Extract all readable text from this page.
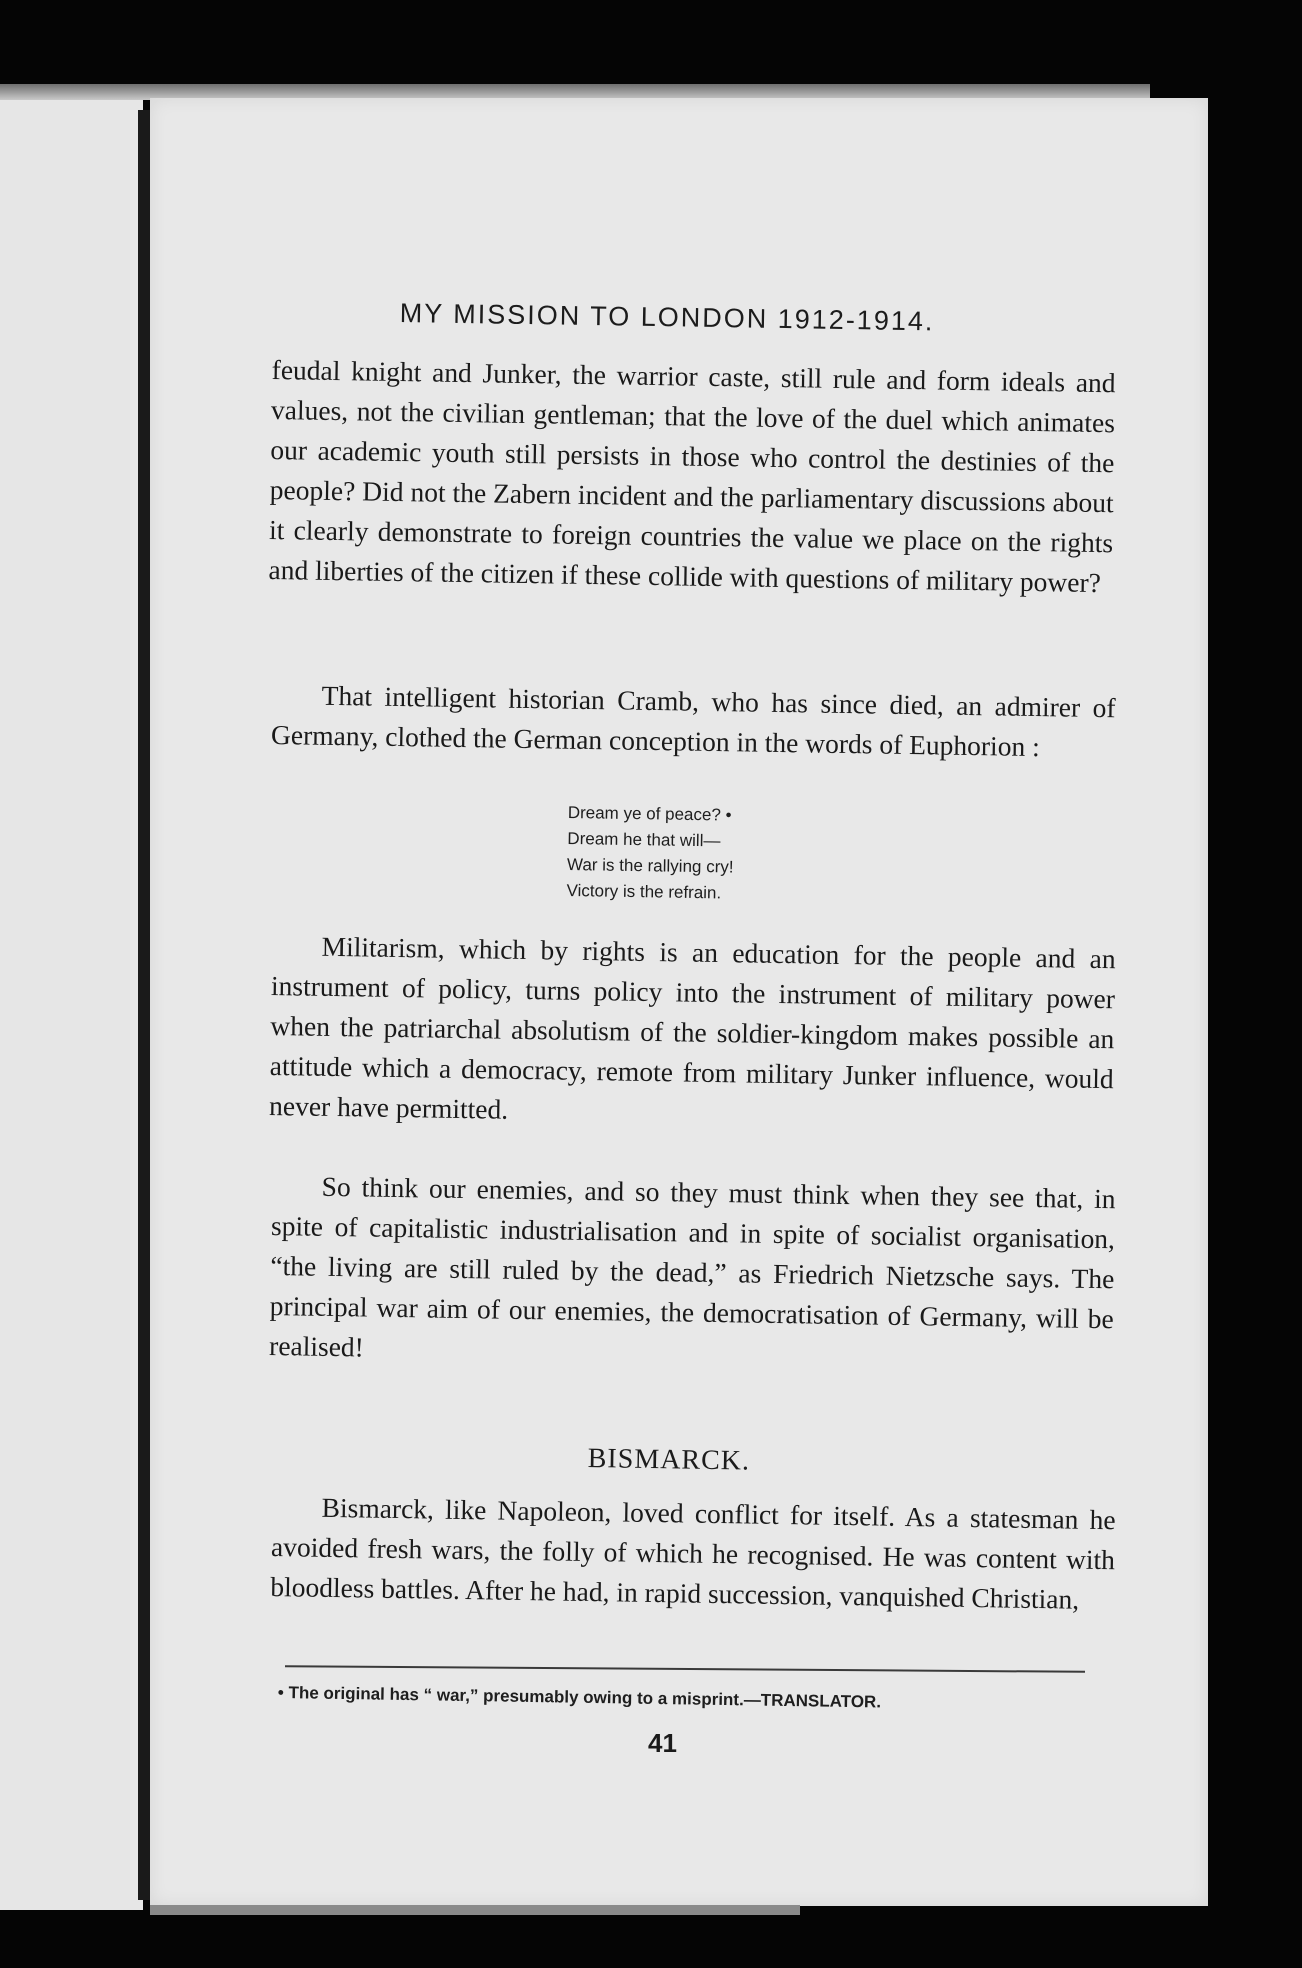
MY MISSION TO LONDON 1912-1914.

feudal knight and Junker, the warrior caste, still rule and form ideals and values, not the civilian gentleman; that the love of the duel which animates our academic youth still persists in those who control the destinies of the people? Did not the Zabern incident and the parliamentary discussions about it clearly demonstrate to foreign countries the value we place on the rights and liberties of the citizen if these collide with questions of military power?

That intelligent historian Cramb, who has since died, an admirer of Germany, clothed the German conception in the words of Euphorion :

Dream ye of peace? •
Dream he that will—
War is the rallying cry!
Victory is the refrain.

Militarism, which by rights is an education for the people and an instrument of policy, turns policy into the instrument of military power when the patriarchal absolutism of the soldier-kingdom makes possible an attitude which a democracy, remote from military Junker influence, would never have permitted.

So think our enemies, and so they must think when they see that, in spite of capitalistic industrialisation and in spite of socialist organisation, “the living are still ruled by the dead,” as Friedrich Nietzsche says. The principal war aim of our enemies, the democratisation of Germany, will be realised!

BISMARCK.

Bismarck, like Napoleon, loved conflict for itself. As a statesman he avoided fresh wars, the folly of which he recognised. He was content with bloodless battles. After he had, in rapid succession, vanquished Christian,

• The original has “ war,” presumably owing to a misprint.—TRANSLATOR.
41
